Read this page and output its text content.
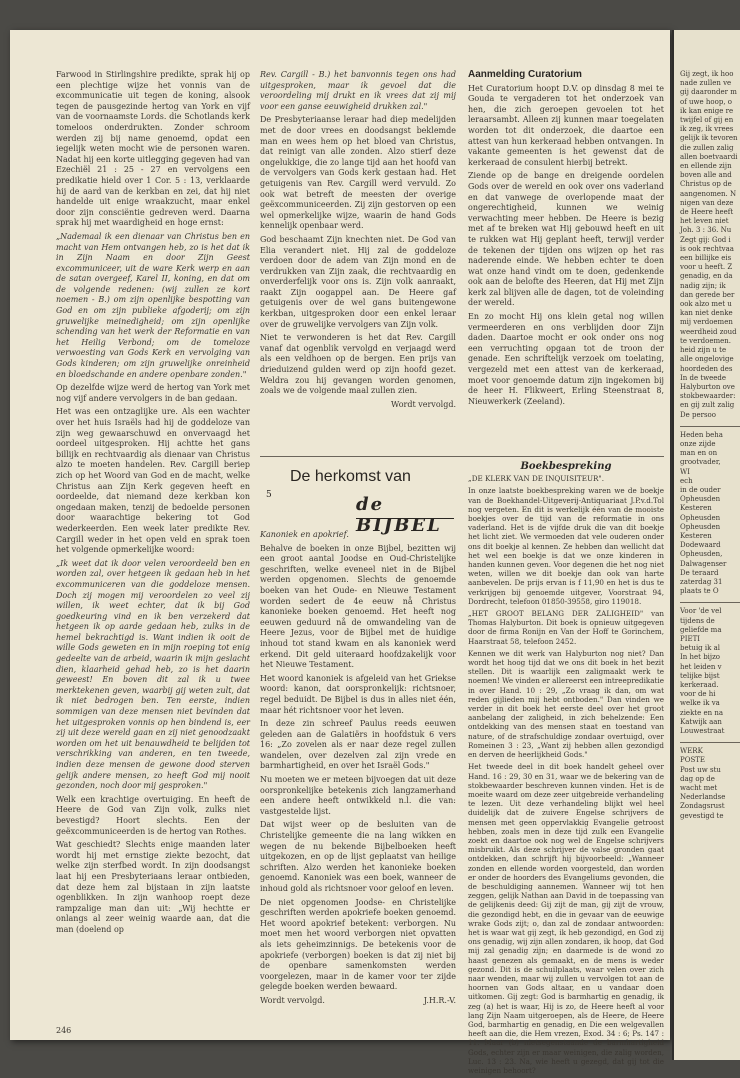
Farwood in Stirlingshire predikte, sprak hij op een plechtige wijze het vonnis van de excommunicatie uit tegen de koning, alsook tegen de pausgezinde hertog van York en vijf van de voornaamste Lords. die Schotlands kerk tomeloos onderdrukten. Zonder schroom werden zij bij name genoemd, opdat een iegelijk weten mocht wie de personen waren. Nadat hij een korte uitlegging gegeven had van Ezechiël 21 : 25 - 27 en vervolgens een predikatie hield over 1 Cor. 5 : 13, verklaarde hij de aard van de kerkban en zei, dat hij niet handelde uit enige wraakzucht, maar enkel door zijn consciëntie gedreven werd. Daarna sprak hij met waardigheid en hoge ernst:

„Nademaal ik een dienaar van Christus ben en macht van Hem ontvangen heb, zo is het dat ik in Zijn Naam en door Zijn Geest excommuniceer, uit de ware Kerk werp en aan de satan overgeef, Karel II, koning, en dat om de volgende redenen: (wij zullen ze kort noemen - B.) om zijn openlijke bespotting van God en om zijn publieke afgoderij; om zijn gruwelijke meinedigheid; om zijn openlijke schending van het werk der Reformatie en van het Heilig Verbond; om de tomeloze verwoesting van Gods Kerk en vervolging van Gods kinderen; om zijn gruwelijke onreinheid en bloedschande en andere openbare zonden."

Op dezelfde wijze werd de hertog van York met nog vijf andere vervolgers in de ban gedaan.

Het was een ontzaglijke ure. Als een wachter over het huis Israëls had hij de goddeloze van zijn weg gewaarschuwd en onvervaagd het oordeel uitgesproken. Hij achtte het gans billijk en rechtvaardig als dienaar van Christus alzo te moeten handelen. Rev. Cargill beriep zich op het Woord van God en de macht, welke Christus aan Zijn Kerk gegeven heeft en oordeelde, dat niemand deze kerkban kon ongedaan maken, tenzij de bedoelde personen door waarachtige bekering tot God wederkeerden. Een week later predikte Rev. Cargill weder in het open veld en sprak toen het volgende opmerkelijke woord:

„Ik weet dat ik door velen veroordeeld ben en worden zal, over hetgeen ik gedaan heb in het excommuniceren van die goddeloze mensen. Doch zij mogen mij veroordelen zo veel zij willen, ik weet echter, dat ik bij God goedkeuring vind en ik ben verzekerd dat hetgeen ik op aarde gedaan heb, zulks in de hemel bekrachtigd is. Want indien ik ooit de wille Gods geweten en in mijn roeping tot enig gedeelte van de arbeid, waarin ik mijn geslacht dien, klaarheid gehad heb, zo is het daarin geweest! En boven dit zal ik u twee merktekenen geven, waarbij gij weten zult, dat ik niet bedrogen ben. Ten eerste, indien sommigen van deze mensen niet bevinden dat het uitgesproken vonnis op hen bindend is, eer zij uit deze wereld gaan en zij niet genoodzaakt worden om het uit benauwdheid te belijden tot verschrikking van anderen, en ten tweede, indien deze mensen de gewone dood sterven gelijk andere mensen, zo heeft God mij nooit gezonden, noch door mij gesproken."

Welk een krachtige overtuiging. En heeft de Heere de God van Zijn volk, zulks niet bevestigd? Hoort slechts. Een der geëxcommuniceerden is de hertog van Rothes.

Wat geschiedt? Slechts enige maanden later wordt hij met ernstige ziekte bezocht, dat welke zijn sterfbed wordt. In zijn doodsangst laat hij een Presbyteriaans leraar ontbieden, dat deze hem zal bijstaan in zijn laatste ogenblikken. In zijn wanhoop roept deze rampzalige man dan uit: „Wij hechtte er onlangs al zeer weinig waarde aan, dat die man (doelend op

Rev. Cargill - B.) het banvonnis tegen ons had uitgesproken, maar ik gevoel dat die veroordeling mij drukt en ik vrees dat zij mij voor een ganse eeuwigheid drukken zal."

De Presbyteriaanse leraar had diep medelijden met de door vrees en doodsangst beklemde man en wees hem op het bloed van Christus, dat reinigt van alle zonden. Alzo stierf deze ongelukkige, die zo lange tijd aan het hoofd van de vervolgers van Gods kerk gestaan had. Het getuigenis van Rev. Cargill werd vervuld. Zo ook wat betreft de meesten der overige geëxcommuniceerden. Zij zijn gestorven op een wel opmerkelijke wijze, waarin de hand Gods kennelijk openbaar werd.

God beschaamt Zijn knechten niet. De God van Elia verandert niet. Hij zal de goddeloze verdoen door de adem van Zijn mond en de verdrukken van Zijn zaak, die rechtvaardig en onverderfelijk voor ons is. Zijn volk aanraakt, raakt Zijn oogappel aan. De Heere gaf getuigenis over de wel gans buitengewone kerkban, uitgesproken door een enkel leraar over de gruwelijke vervolgers van Zijn volk.

Niet te verwonderen is het dat Rev. Cargill vanaf dat ogenblik vervolgd en verjaagd werd als een veldhoen op de bergen. Een prijs van drieduizend gulden werd op zijn hoofd gezet. Weldra zou hij gevangen worden genomen, zoals we de volgende maal zullen zien.

Wordt vervolgd.

5
De herkomst van
de BIJBEL

Kanoniek en apokrief.

Behalve de boeken in onze Bijbel, bezitten wij een groot aantal Joodse en Oud-Christelijke geschriften, welke eveneel niet in de Bijbel werden opgenomen. Slechts de genoemde boeken van het Oude- en Nieuwe Testament worden sedert de 4e eeuw nå Christus kanonieke boeken genoemd. Het heeft nog eeuwen geduurd nå de omwandeling van de Heere Jezus, voor de Bijbel met de huidige inhoud tot stand kwam en als kanoniek werd erkend. Dit geld uiteraard hoofdzakelijk voor het Nieuwe Testament.

Het woord kanoniek is afgeleid van het Griekse woord: kanon, dat oorspronkelijk: richtsnoer, regel beduidt. De Bijbel is dus in alles niet één, maar hét richtsnoer voor het leven.

In deze zin schreef Paulus reeds eeuwen geleden aan de Galatiërs in hoofdstuk 6 vers 16: „Zo zovelen als er naar deze regel zullen wandelen, over dezelven zal zijn vrede en barmhartigheid, en over het Israël Gods."

Nu moeten we er meteen bijvoegen dat uit deze oorspronkelijke betekenis zich langzamerhand een andere heeft ontwikkeld n.l. die van: vastgestelde lijst.

Dat wijst weer op de besluiten van de Christelijke gemeente die na lang wikken en wegen de nu bekende Bijbelboeken heeft uitgekozen, en op de lijst geplaatst van heilige schriften. Alzo werden het kanonieke boeken genoemd. Kanoniek was een boek, wanneer de inhoud gold als richtsnoer voor geloof en leven.

De niet opgenomen Joodse- en Christelijke geschriften werden apokriefe boeken genoemd. Het woord apokrief betekent: verborgen. Nu moet men het woord verborgen niet opvatten als iets geheimzinnigs. De betekenis voor de apokriefe (verborgen) boeken is dat zij niet bij de openbare samenkomsten werden voorgelezen, maar in de kamer voor ter zijde gelegde boeken werden bewaard.

Wordt vervolgd.	J.H.R.-V.

Aanmelding Curatorium

Het Curatorium hoopt D.V. op dinsdag 8 mei te Gouda te vergaderen tot het onderzoek van hen, die zich geroepen gevoelen tot het leraarsambt. Alleen zij kunnen maar toegelaten worden tot dit onderzoek, die daartoe een attest van hun kerkeraad hebben ontvangen. In vakante gemeenten is het gewenst dat de kerkeraad de consulent hierbij betrekt.

Ziende op de bange en dreigende oordelen Gods over de wereld en ook over ons vaderland en dat vanwege de overlopende maat der ongerechtigheid, kunnen we weinig verwachting meer hebben. De Heere is bezig met af te breken wat Hij gebouwd heeft en uit te rukken wat Hij geplant heeft, terwijl verder de tekenen der tijden ons wijzen op het ras naderende einde. We hebben echter te doen wat onze hand vindt om te doen, gedenkende ook aan de belofte des Heeren, dat Hij met Zijn kerk zal blijven alle de dagen, tot de voleinding der wereld.

En zo mocht Hij ons klein getal nog willen vermeerderen en ons verblijden door Zijn daden. Daartoe mocht er ook onder ons nog een verruchting opgaan tot de troon der genade. Een schriftelijk verzoek om toelating, vergezeld met een attest van de kerkeraad, moet voor genoemde datum zijn ingekomen bij de heer H. Flikweert, Erling Steenstraat 8, Nieuwerkerk (Zeeland).

Boekbespreking

„DE KLERK VAN DE INQUISITEUR".

In onze laatste boekbespreking waren we de boekje van de Boekhandel-Uitgeverij-Antiquariaat J.P.v.d.Tol nog vergeten. En dit is werkelijk één van de mooiste boekjes over de tijd van de reformatie in ons vaderland. Het is de vijfde druk die van dit boekje het licht ziet. We vermoeden dat vele ouderen onder ons dit boekje al kennen. Ze hebben dan wellicht dat het wel een boekje is dat we onze kinderen in handen kunnen geven. Voor degenen die het nog niet weten, willen we dit boekje dan ook van harte aanbevelen. De prijs ervan is f 11,90 en het is dus te verkrijgen bij genoemde uitgever, Voorstraat 94, Dordrecht, telefoon 01850-39558, giro 119018.

„HET GROOT BELANG DER ZALIGHEID" van Thomas Halyburton. Dit boek is opnieuw uitgegeven door de firma Ronijn en Van der Hoff te Gorinchem, Haarstraat 58, telefoon 2452.

Kennen we dit werk van Halyburton nog niet? Dan wordt het hoog tijd dat we ons dit boek in het bezit stellen. Dit is waarlijk een zaligmaakt werk te noemen! We vinden er allereerst een intreepredikatie in over Hand. 10 : 29, „Zo vraag ik dan, om wat reden gijlieden mij hebt ontboden." Dan vinden we verder in dit boek het eerste deel over het groot aanbelang der zaligheid, in zich behelzende: Een ontdekking van des mensen staat en toestand van nature, of de strafschuldige zondaar overtuigd, over Romeinen 3 : 23, „Want zij hebben allen gezondigd en derven de heerlijkheid Gods."

Het tweede deel in dit boek handelt geheel over Hand. 16 : 29, 30 en 31, waar we de bekering van de stokbewaarder beschreven kunnen vinden. Het is de moeite waard om deze zeer uitgebreide verhandeling te lezen. Uit deze verhandeling blijkt wel heel duidelijk dat de zuivere Engelse schrijvers de mensen met geen oppervlakkig Evangelie getroost hebben, zoals men in deze tijd zulk een Evangelie zoekt en daartoe ook nog wel de Engelse schrijvers misbruikt. Als deze schrijver de valse gronden gaat ontdekken, dan schrijft hij bijvoorbeeld: „Wanneer zonden en ellende worden voorgesteld, dan worden er onder de hoorders des Evangeliums gevonden, die de beschuldiging aannemen. Wanneer wij tot hen zeggen, gelijk Nathan aan David in de toepassing van de gelijkenis deed: Gij zijt de man, gij zijt de vrouw, die gezondigd hebt, en die in gevaar van de eeuwige wrake Gods zijt; o, dan zal de zondaar antwoorden: het is waar wat gij zegt, ik heb gezondigd, en God zij ons genadig, wij zijn allen zondaren, ik hoop, dat God mij zal genadig zijn; en daarmede is de wond zo haast genezen als gemaakt, en de mens is weder gezond. Dit is de schuilplaats, waar velen over zich naar wenden, maar wij zullen u vervolgen tot aan de hoornen van Gods altaar, en u vandaar doen uitkomen. Gij zegt: God is barmhartig en genadig, ik zeg (a) het is waar, Hij is zo, de Heere heeft al voor lang Zijn Naam uitgeroepen, als de Heere, de Heere God, barmhartig en genadig, en Die een welgevallen heeft aan die, die Hem vrezen, Exod. 34 : 6; Ps. 147 : 11. Maar (b) nietsegenstaande de barmhartigheid Gods, echter zijn er maar weinigen, die zalig worden, Luc. 13 : 23. Na, wie heeft u gezegd, dat gij tot die weinigen behoort?

246
Gij zegt, ik hoo
nade zullen ve
gij daaronder m
of uwe hoop, o
ik kan enige re
twijfel of gij en
ik zeg, ik vrees
gelijk ik tevoren
die zullen zalig
allen boetvaardi
en ellende zijn
boven alle and
Christus op de
aangenomen. N
nigen van deze
de Heere heeft
het leven niet
Joh. 3 : 36. Nu
Zegt gij: God i
is ook rechtvaa
een billijke eis
voor u heeft. Z
genadig, en da
nadig zijn; ik
dan gerede ber
ook alzo met u
kan niet denke
mij verdoemen
weerdheid zoud
te verdoemen.
heid zijn u te
alle ongelovige
hoordeden des
In de tweede
Halyburton ove
stokbewaarder:
en gij zult zalig
De persoo
Heden beha
onze zijde
man en on
grootvader,
WI
ech
in de ouder
Opheusden
Kesteren
Opheusden
Opheusden
Kesteren
Dodewaard
Opheusden,
Dalwagenser
De teraard
zaterdag 31
plaats te O
Voor 'de vel
tijdens de
geliefde ma
PIETI
betuig ik al
In het bijzo
het leiden v
telijke bijst
kerkeraad.
voor de hi
welke ik va
ziekte en na
Katwijk aan
Louwestraat
WERK
POSTE
Post uw stu
dag op de
wacht met
Nederlandse
Zondagsrust
gevestigd te
